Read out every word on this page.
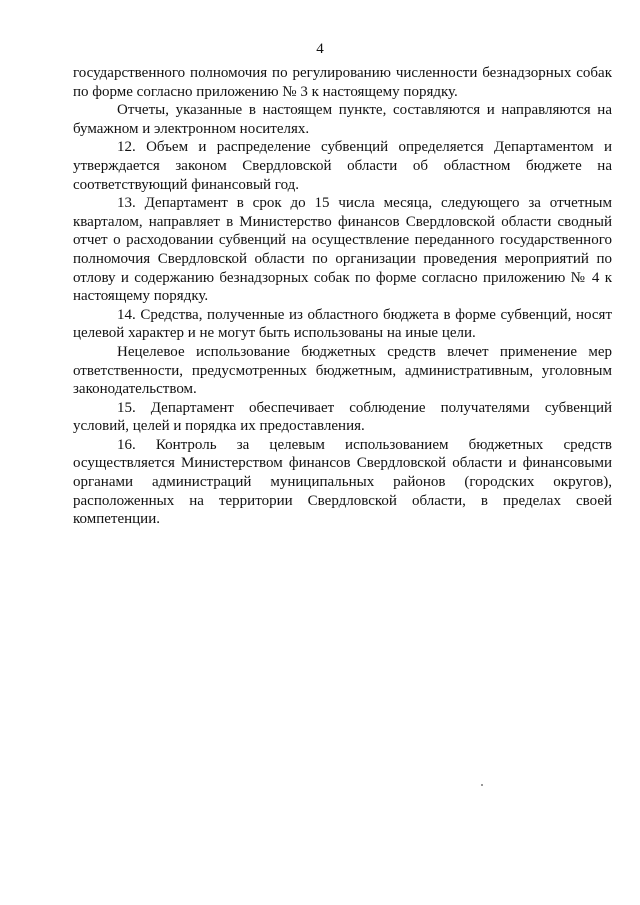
4

государственного полномочия по регулированию численности безнадзорных собак по форме согласно приложению № 3 к настоящему порядку.

Отчеты, указанные в настоящем пункте, составляются и направляются на бумажном и электронном носителях.

12. Объем и распределение субвенций определяется Департаментом и утверждается законом Свердловской области об областном бюджете на соответствующий финансовый год.

13. Департамент в срок до 15 числа месяца, следующего за отчетным кварталом, направляет в Министерство финансов Свердловской области сводный отчет о расходовании субвенций на осуществление переданного государственного полномочия Свердловской области по организации проведения мероприятий по отлову и содержанию безнадзорных собак по форме согласно приложению № 4 к настоящему порядку.

14. Средства, полученные из областного бюджета в форме субвенций, носят целевой характер и не могут быть использованы на иные цели.

Нецелевое использование бюджетных средств влечет применение мер ответственности, предусмотренных бюджетным, административным, уголовным законодательством.

15. Департамент обеспечивает соблюдение получателями субвенций условий, целей и порядка их предоставления.

16. Контроль за целевым использованием бюджетных средств осуществляется Министерством финансов Свердловской области и финансовыми органами администраций муниципальных районов (городских округов), расположенных на территории Свердловской области, в пределах своей компетенции.
